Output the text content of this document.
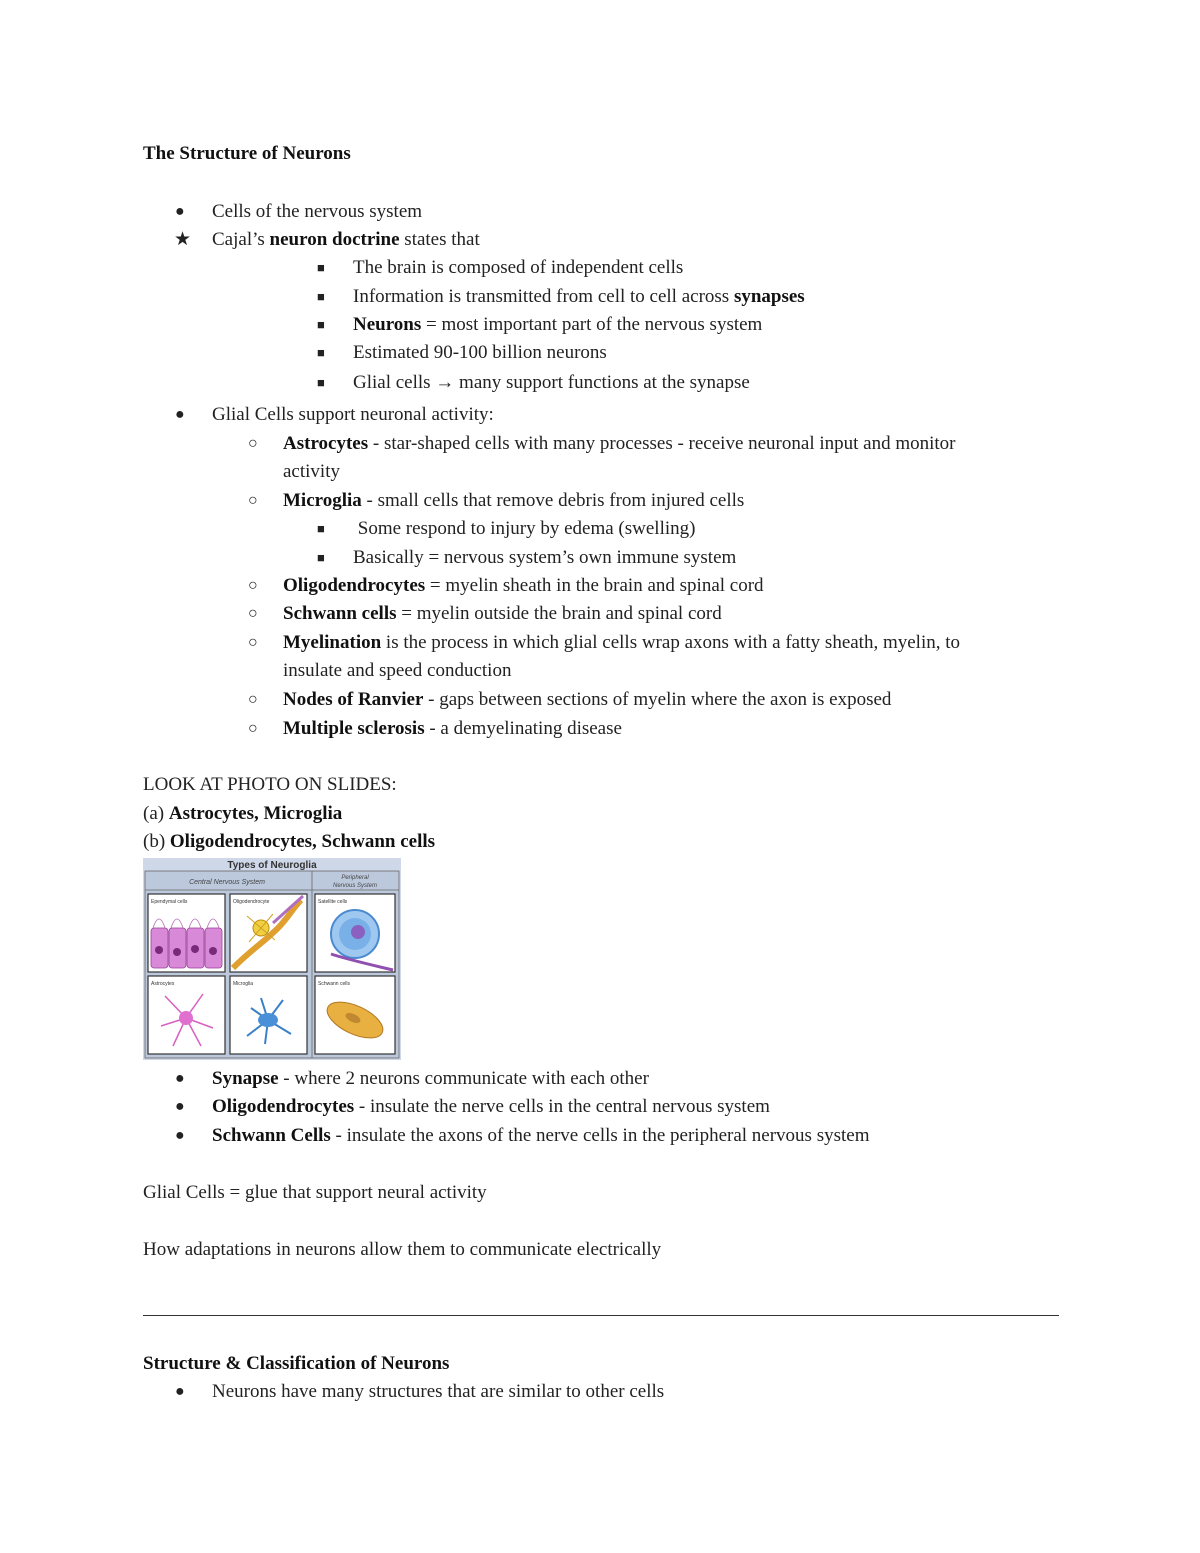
The Structure of Neurons
● Cells of the nervous system
★ Cajal’s neuron doctrine states that
■ The brain is composed of independent cells
■ Information is transmitted from cell to cell across synapses
■ Neurons = most important part of the nervous system
■ Estimated 90-100 billion neurons
■ Glial cells → many support functions at the synapse
● Glial Cells support neuronal activity:
○ Astrocytes - star-shaped cells with many processes - receive neuronal input and monitor
activity
○ Microglia - small cells that remove debris from injured cells
■ Some respond to injury by edema (swelling)
■ Basically = nervous system’s own immune system
○ Oligodendrocytes = myelin sheath in the brain and spinal cord
○ Schwann cells = myelin outside the brain and spinal cord
○ Myelination is the process in which glial cells wrap axons with a fatty sheath, myelin, to
insulate and speed conduction
○ Nodes of Ranvier - gaps between sections of myelin where the axon is exposed
○ Multiple sclerosis - a demyelinating disease
LOOK AT PHOTO ON SLIDES:
(a) Astrocytes, Microglia
(b) Oligodendrocytes, Schwann cells
Types of Neuroglia
Central Nervous System
Peripheral
Nervous System
Ependymal cells	Oligodendrocyte	Satellite cells
Astrocytes	Microglia	Schwann cells
● Synapse - where 2 neurons communicate with each other
● Oligodendrocytes - insulate the nerve cells in the central nervous system
● Schwann Cells - insulate the axons of the nerve cells in the peripheral nervous system
Glial Cells = glue that support neural activity
How adaptations in neurons allow them to communicate electrically
Structure & Classification of Neurons
● Neurons have many structures that are similar to other cells
